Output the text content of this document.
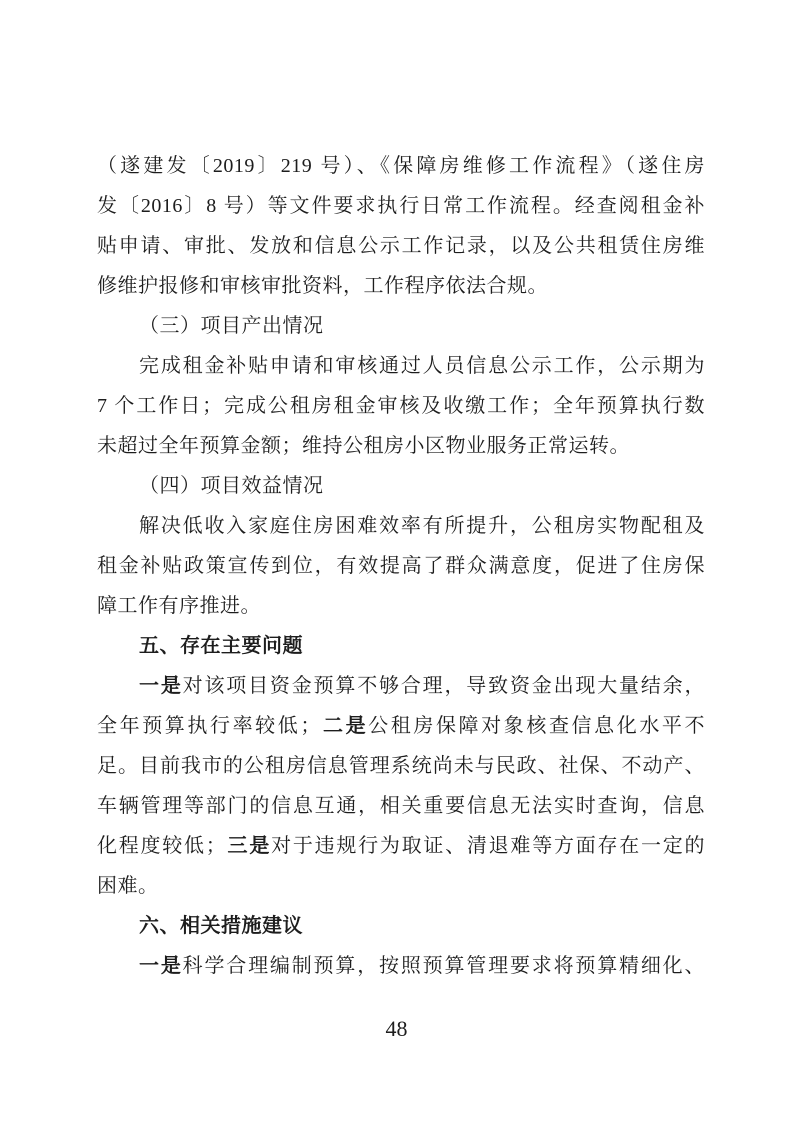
（遂建发〔2019〕219 号）、《保障房维修工作流程》（遂住房
发〔2016〕8 号）等文件要求执行日常工作流程。经查阅租金补
贴申请、审批、发放和信息公示工作记录，以及公共租赁住房维
修维护报修和审核审批资料，工作程序依法合规。
（三）项目产出情况
完成租金补贴申请和审核通过人员信息公示工作，公示期为
7 个工作日；完成公租房租金审核及收缴工作；全年预算执行数
未超过全年预算金额；维持公租房小区物业服务正常运转。
（四）项目效益情况
解决低收入家庭住房困难效率有所提升，公租房实物配租及
租金补贴政策宣传到位，有效提高了群众满意度，促进了住房保
障工作有序推进。
五、存在主要问题
一是对该项目资金预算不够合理，导致资金出现大量结余，
全年预算执行率较低；二是公租房保障对象核查信息化水平不
足。目前我市的公租房信息管理系统尚未与民政、社保、不动产、
车辆管理等部门的信息互通，相关重要信息无法实时查询，信息
化程度较低；三是对于违规行为取证、清退难等方面存在一定的
困难。
六、相关措施建议
一是科学合理编制预算，按照预算管理要求将预算精细化、
48
